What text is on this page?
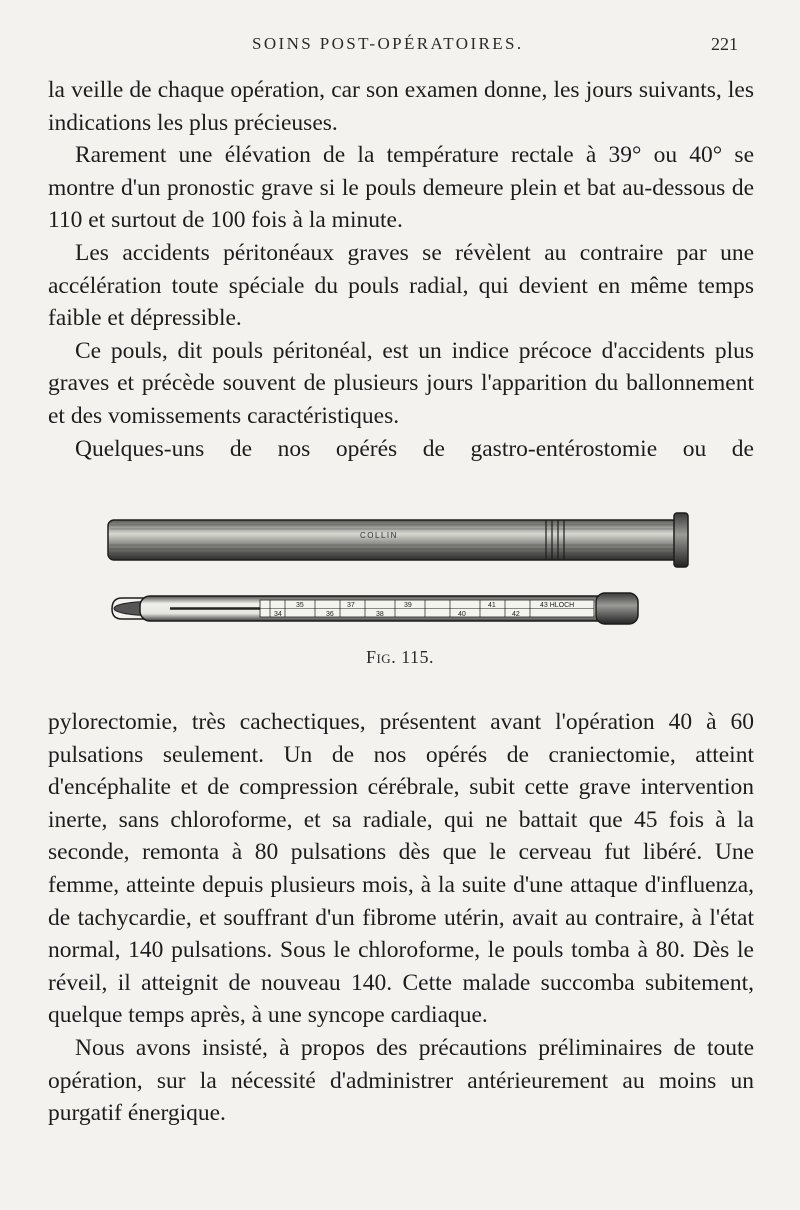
SOINS POST-OPÉRATOIRES.	221

la veille de chaque opération, car son examen donne, les jours suivants, les indications les plus précieuses.

Rarement une élévation de la température rectale à 39° ou 40° se montre d'un pronostic grave si le pouls demeure plein et bat au-dessous de 110 et surtout de 100 fois à la minute.

Les accidents péritonéaux graves se révèlent au contraire par une accélération toute spéciale du pouls radial, qui devient en même temps faible et dépressible.

Ce pouls, dit pouls péritonéal, est un indice précoce d'accidents plus graves et précède souvent de plusieurs jours l'apparition du ballonnement et des vomissements caractéristiques.

Quelques-uns de nos opérés de gastro-entérostomie ou de

COLLIN
35	37	39	41	43 HLOCH
34	36	38	40	42
Fig. 115.

pylorectomie, très cachectiques, présentent avant l'opération 40 à 60 pulsations seulement. Un de nos opérés de craniectomie, atteint d'encéphalite et de compression cérébrale, subit cette grave intervention inerte, sans chloroforme, et sa radiale, qui ne battait que 45 fois à la seconde, remonta à 80 pulsations dès que le cerveau fut libéré. Une femme, atteinte depuis plusieurs mois, à la suite d'une attaque d'influenza, de tachycardie, et souffrant d'un fibrome utérin, avait au contraire, à l'état normal, 140 pulsations. Sous le chloroforme, le pouls tomba à 80. Dès le réveil, il atteignit de nouveau 140. Cette malade succomba subitement, quelque temps après, à une syncope cardiaque.

Nous avons insisté, à propos des précautions préliminaires de toute opération, sur la nécessité d'administrer antérieurement au moins un purgatif énergique.
